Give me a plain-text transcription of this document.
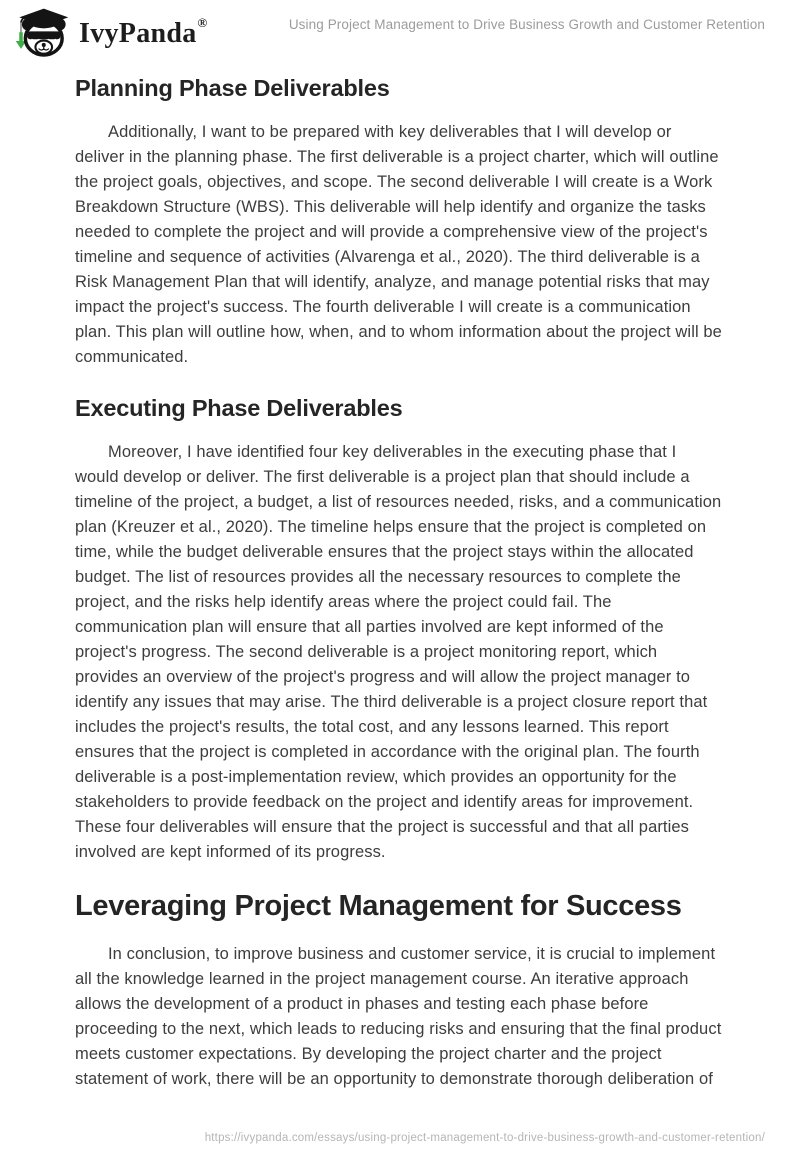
IvyPanda®	Using Project Management to Drive Business Growth and Customer Retention
Planning Phase Deliverables

Additionally, I want to be prepared with key deliverables that I will develop or deliver in the planning phase. The first deliverable is a project charter, which will outline the project goals, objectives, and scope. The second deliverable I will create is a Work Breakdown Structure (WBS). This deliverable will help identify and organize the tasks needed to complete the project and will provide a comprehensive view of the project's timeline and sequence of activities (Alvarenga et al., 2020). The third deliverable is a Risk Management Plan that will identify, analyze, and manage potential risks that may impact the project's success. The fourth deliverable I will create is a communication plan. This plan will outline how, when, and to whom information about the project will be communicated.

Executing Phase Deliverables

Moreover, I have identified four key deliverables in the executing phase that I would develop or deliver. The first deliverable is a project plan that should include a timeline of the project, a budget, a list of resources needed, risks, and a communication plan (Kreuzer et al., 2020). The timeline helps ensure that the project is completed on time, while the budget deliverable ensures that the project stays within the allocated budget. The list of resources provides all the necessary resources to complete the project, and the risks help identify areas where the project could fail. The communication plan will ensure that all parties involved are kept informed of the project's progress. The second deliverable is a project monitoring report, which provides an overview of the project's progress and will allow the project manager to identify any issues that may arise. The third deliverable is a project closure report that includes the project's results, the total cost, and any lessons learned. This report ensures that the project is completed in accordance with the original plan. The fourth deliverable is a post-implementation review, which provides an opportunity for the stakeholders to provide feedback on the project and identify areas for improvement. These four deliverables will ensure that the project is successful and that all parties involved are kept informed of its progress.

Leveraging Project Management for Success

In conclusion, to improve business and customer service, it is crucial to implement all the knowledge learned in the project management course. An iterative approach allows the development of a product in phases and testing each phase before proceeding to the next, which leads to reducing risks and ensuring that the final product meets customer expectations. By developing the project charter and the project statement of work, there will be an opportunity to demonstrate thorough deliberation of

https://ivypanda.com/essays/using-project-management-to-drive-business-growth-and-customer-retention/
